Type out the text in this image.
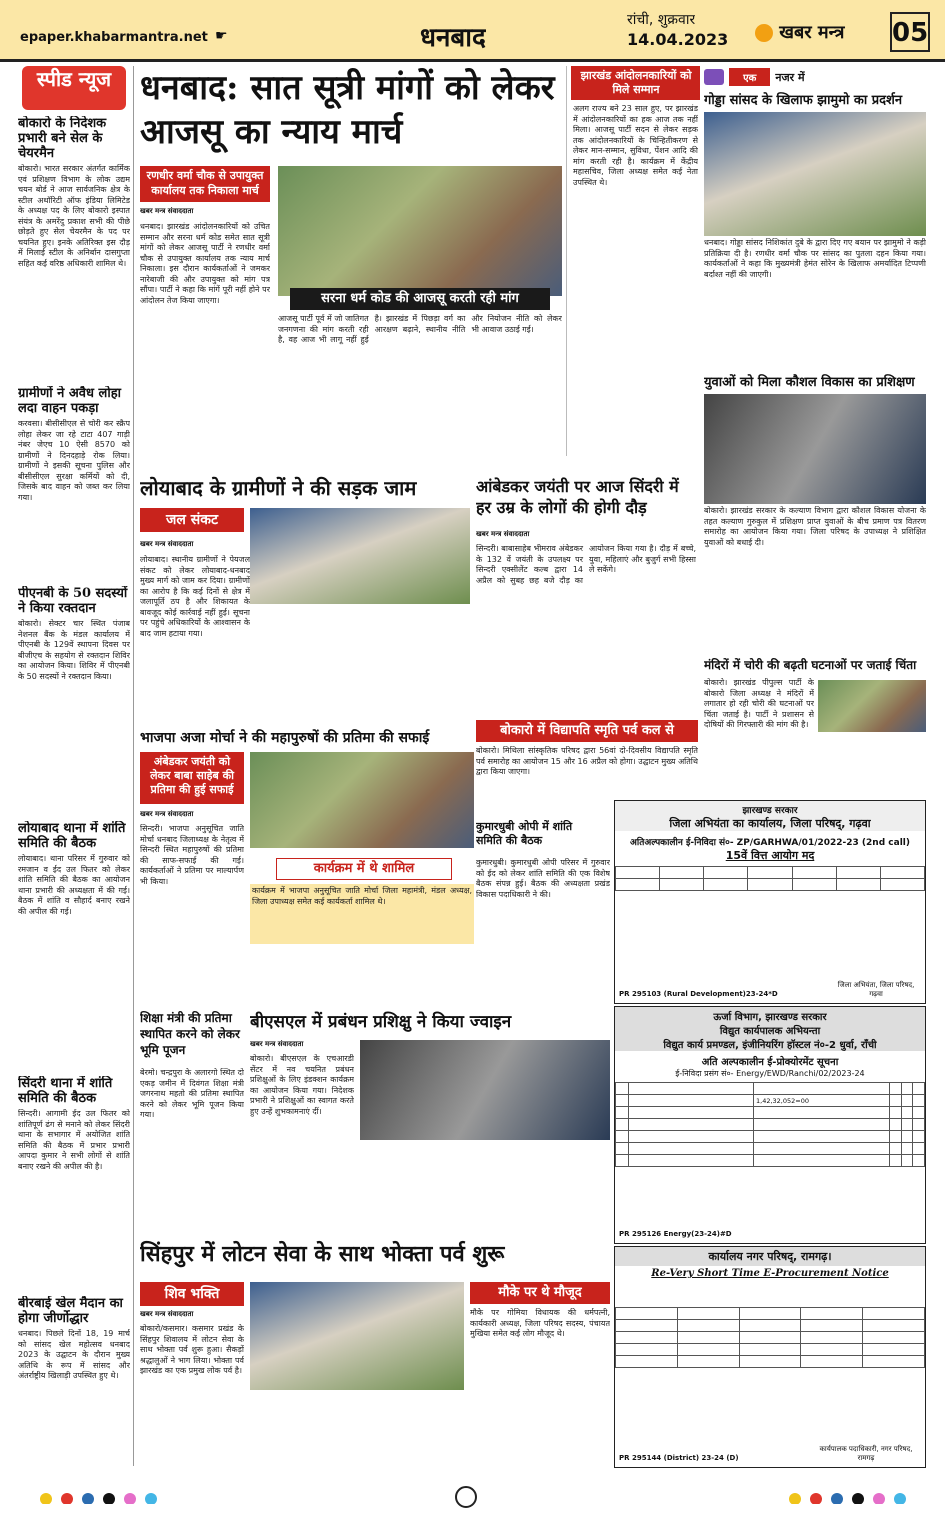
epaper.khabarmantra.net ☛	धनबाद
रांची, शुक्रवार
14.04.2023	खबर मन्त्र	05
स्पीड न्यूज
बोकारो के निदेशक प्रभारी बने सेल के चेयरमैन
बोकारो। भारत सरकार अंतर्गत कार्मिक एवं प्रशिक्षण विभाग के लोक उद्यम चयन बोर्ड ने आज सार्वजनिक क्षेत्र के स्टील अथॉरिटी ऑफ इंडिया लिमिटेड के अध्यक्ष पद के लिए बोकारो इस्पात संयंत्र के अमरेंदु प्रकाश सभी की पीछे छोड़ते हुए सेल चेयरमैन के पद पर चयनित हुए। इनके अतिरिक्त इस दौड़ में मिलाई स्टील के अनिर्बान दासगुप्ता सहित कई वरिष्ठ अधिकारी शामिल थे।
ग्रामीणों ने अवैध लोहा लदा वाहन पकड़ा
करवसा। बीसीसीएल से चोरी कर स्क्रैप लोहा लेकर जा रहे टाटा 407 गाड़ी नंबर जेएच 10 ऐसी 8570 को ग्रामीणों ने दिनदहाड़े रोक लिया। ग्रामीणों ने इसकी सूचना पुलिस और बीसीसीएल सुरक्षा कर्मियों को दी, जिसके बाद वाहन को जब्त कर लिया गया।
पीएनबी के 50 सदस्यों ने किया रक्तदान
बोकारो। सेक्टर चार स्थित पंजाब नेशनल बैंक के मंडल कार्यालय में पीएनबी के 129वें स्थापना दिवस पर बीजीएच के सहयोग से रक्तदान शिविर का आयोजन किया। शिविर में पीएनबी के 50 सदस्यों ने रक्तदान किया।
लोयाबाद थाना में शांति समिति की बैठक
लोयाबाद। थाना परिसर में गुरुवार को रमजान व ईद उल फितर को लेकर शांति समिति की बैठक का आयोजन थाना प्रभारी की अध्यक्षता में की गई। बैठक में शांति व सौहार्द बनाए रखने की अपील की गई।
सिंदरी थाना में शांति समिति की बैठक
सिन्दरी। आगामी ईद उल फितर को शांतिपूर्ण ढंग से मनाने को लेकर सिंदरी थाना के सभागार में अयोजित शांति समिति की बैठक में प्रभार प्रभारी आपदा कुमार ने सभी लोगों से शांति बनाए रखने की अपील की है।
बीरबाई खेल मैदान का होगा जीर्णोद्धार
धनबाद। पिछले दिनों 18, 19 मार्च को सांसद खेल महोत्सव धनबाद 2023 के उद्घाटन के दौरान मुख्य अतिथि के रूप में सांसद और अंतर्राष्ट्रीय खिलाड़ी उपस्थित हुए थे।
धनबाद: सात सूत्री मांगों को लेकर आजसू का न्याय मार्च
रणधीर वर्मा चौक से उपायुक्त कार्यालय तक निकाला मार्च
खबर मन्त्र संवाददाता
धनबाद। झारखंड आंदोलनकारियों को उचित सम्मान और सरना धर्म कोड समेत सात सूत्री मांगों को लेकर आजसू पार्टी ने रणधीर वर्मा चौक से उपायुक्त कार्यालय तक न्याय मार्च निकाला। इस दौरान कार्यकर्ताओं ने जमकर नारेबाजी की और उपायुक्त को मांग पत्र सौंपा। पार्टी ने कहा कि मांगें पूरी नहीं होने पर आंदोलन तेज किया जाएगा।	सरना धर्म कोड की आजसू करती रही मांग
आजसू पार्टी पूर्व में जो जातिगत जनगणना की मांग करती रही है, वह आज भी लागू नहीं हुई है। झारखंड में पिछड़ा वर्ग का आरक्षण बढ़ाने, स्थानीय नीति और नियोजन नीति को लेकर भी आवाज उठाई गई।
झारखंड आंदोलनकारियों को मिले सम्मान
अलग राज्य बने 23 साल हुए, पर झारखंड में आंदोलनकारियों का हक आज तक नहीं मिला। आजसू पार्टी सदन से लेकर सड़क तक आंदोलनकारियों के चिन्हितीकरण से लेकर मान-सम्मान, सुविधा, पेंशन आदि की मांग करती रही है। कार्यक्रम में केंद्रीय महासचिव, जिला अध्यक्ष समेत कई नेता उपस्थित थे।
एक नजर में
गोड्डा सांसद के खिलाफ झामुमो का प्रदर्शन
धनबाद। गोड्डा सांसद निशिकांत दुबे के द्वारा दिए गए बयान पर झामुमो ने कड़ी प्रतिक्रिया दी है। रणधीर वर्मा चौक पर सांसद का पुतला दहन किया गया। कार्यकर्ताओं ने कहा कि मुख्यमंत्री हेमंत सोरेन के खिलाफ अमर्यादित टिप्पणी बर्दाश्त नहीं की जाएगी।
युवाओं को मिला कौशल विकास का प्रशिक्षण
बोकारो। झारखंड सरकार के कल्याण विभाग द्वारा कौशल विकास योजना के तहत कल्याण गुरुकुल में प्रशिक्षण प्राप्त युवाओं के बीच प्रमाण पत्र वितरण समारोह का आयोजन किया गया। जिला परिषद के उपाध्यक्ष ने प्रशिक्षित युवाओं को बधाई दी।
मंदिरों में चोरी की बढ़ती घटनाओं पर जताई चिंता
बोकारो। झारखंड पीपुल्स पार्टी के बोकारो जिला अध्यक्ष ने मंदिरों में लगातार हो रही चोरी की घटनाओं पर चिंता जताई है। पार्टी ने प्रशासन से दोषियों की गिरफ्तारी की मांग की है।
लोयाबाद के ग्रामीणों ने की सड़क जाम
जल संकट
खबर मन्त्र संवाददाता
लोयाबाद। स्थानीय ग्रामीणों ने पेयजल संकट को लेकर लोयाबाद-धनबाद मुख्य मार्ग को जाम कर दिया। ग्रामीणों का आरोप है कि कई दिनों से क्षेत्र में जलापूर्ति ठप है और शिकायत के बावजूद कोई कार्रवाई नहीं हुई। सूचना पर पहुंचे अधिकारियों के आश्वासन के बाद जाम हटाया गया।
आंबेडकर जयंती पर आज सिंदरी में हर उम्र के लोगों की होगी दौड़
खबर मन्त्र संवाददाता
सिन्दरी। बाबासाहेब भीमराव अंबेडकर के 132 वें जयंती के उपलक्ष्य पर सिन्दरी एक्सीलेंट कल्ब द्वारा 14 अप्रैल को सुबह छह बजे दौड़ का आयोजन किया गया है। दौड़ में बच्चे, युवा, महिलाएं और बुजुर्ग सभी हिस्सा ले सकेंगे।
बोकारो में विद्यापति स्मृति पर्व कल से
बोकारो। मिथिला सांस्कृतिक परिषद द्वारा 56वां दो-दिवसीय विद्यापति स्मृति पर्व समारोह का आयोजन 15 और 16 अप्रैल को होगा। उद्घाटन मुख्य अतिथि द्वारा किया जाएगा।
भाजपा अजा मोर्चा ने की महापुरुषों की प्रतिमा की सफाई
अंबेडकर जयंती को लेकर बाबा साहेब की प्रतिमा की हुई सफाई
खबर मन्त्र संवाददाता
सिन्दरी। भाजपा अनुसूचित जाति मोर्चा धनबाद जिलाध्यक्ष के नेतृत्व में सिन्दरी स्थित महापुरुषों की प्रतिमा की साफ-सफाई की गई। कार्यकर्ताओं ने प्रतिमा पर माल्यार्पण भी किया।
कार्यक्रम में थे शामिल
कार्यक्रम में भाजपा अनुसूचित जाति मोर्चा जिला महामंत्री, मंडल अध्यक्ष, जिला उपाध्यक्ष समेत कई कार्यकर्ता शामिल थे।
कुमारधुबी ओपी में शांति समिति की बैठक
कुमारधुबी। कुमारधुबी ओपी परिसर में गुरुवार को ईद को लेकर शांति समिति की एक विशेष बैठक संपन्न हुई। बैठक की अध्यक्षता प्रखंड विकास पदाधिकारी ने की।
शिक्षा मंत्री की प्रतिमा स्थापित करने को लेकर भूमि पूजन
बेरमो। चन्द्रपुरा के अलारगो स्थित दो एकड़ जमीन में दिवंगत शिक्षा मंत्री जगरनाथ महतो की प्रतिमा स्थापित करने को लेकर भूमि पूजन किया गया।
बीएसएल में प्रबंधन प्रशिक्षु ने किया ज्वाइन
खबर मन्त्र संवाददाता
बोकारो। बीएसएल के एचआरडी सेंटर में नव चयनित प्रबंधन प्रशिक्षुओं के लिए इंडक्शन कार्यक्रम का आयोजन किया गया। निदेशक प्रभारी ने प्रशिक्षुओं का स्वागत करते हुए उन्हें शुभकामनाएं दीं।
सिंहपुर में लोटन सेवा के साथ भोक्ता पर्व शुरू
शिव भक्ति
खबर मन्त्र संवाददाता
बोकारो/कसमार। कसमार प्रखंड के सिंहपुर शिवालय में लोटन सेवा के साथ भोक्ता पर्व शुरू हुआ। सैकड़ों श्रद्धालुओं ने भाग लिया। भोक्ता पर्व झारखंड का एक प्रमुख लोक पर्व है।
मौके पर थे मौजूद
मौके पर गोमिया विधायक की धर्मपत्नी, कार्यकारी अध्यक्ष, जिला परिषद सदस्य, पंचायत मुखिया समेत कई लोग मौजूद थे।
झारखण्ड सरकार
जिला अभियंता का कार्यालय, जिला परिषद्, गढ़वा
अतिअल्पकालीन ई-निविदा सं०- ZP/GARHWA/01/2022-23 (2nd call)
15वें वित्त आयोग मद

PR 295103 (Rural Development)23-24*D
जिला अभियंता, जिला परिषद, गढ़वा
ऊर्जा विभाग, झारखण्ड सरकार
विद्युत कार्यपालक अभियन्ता
विद्युत कार्य प्रमण्डल, इंजीनियरिंग हॉस्टल नं०-2 धुर्वा, राँची
अति अल्पकालीन ई-प्रोक्योरमेंट सूचना
ई-निविदा प्रसंग सं०- Energy/EWD/Ranchi/02/2023-24

		1,42,32,052=00			

PR 295126 Energy(23-24)#D
कार्यालय नगर परिषद्, रामगढ़।
Re-Very Short Time E-Procurement Notice

PR 295144 (District) 23-24 (D)
कार्यपालक पदाधिकारी, नगर परिषद, रामगढ़
